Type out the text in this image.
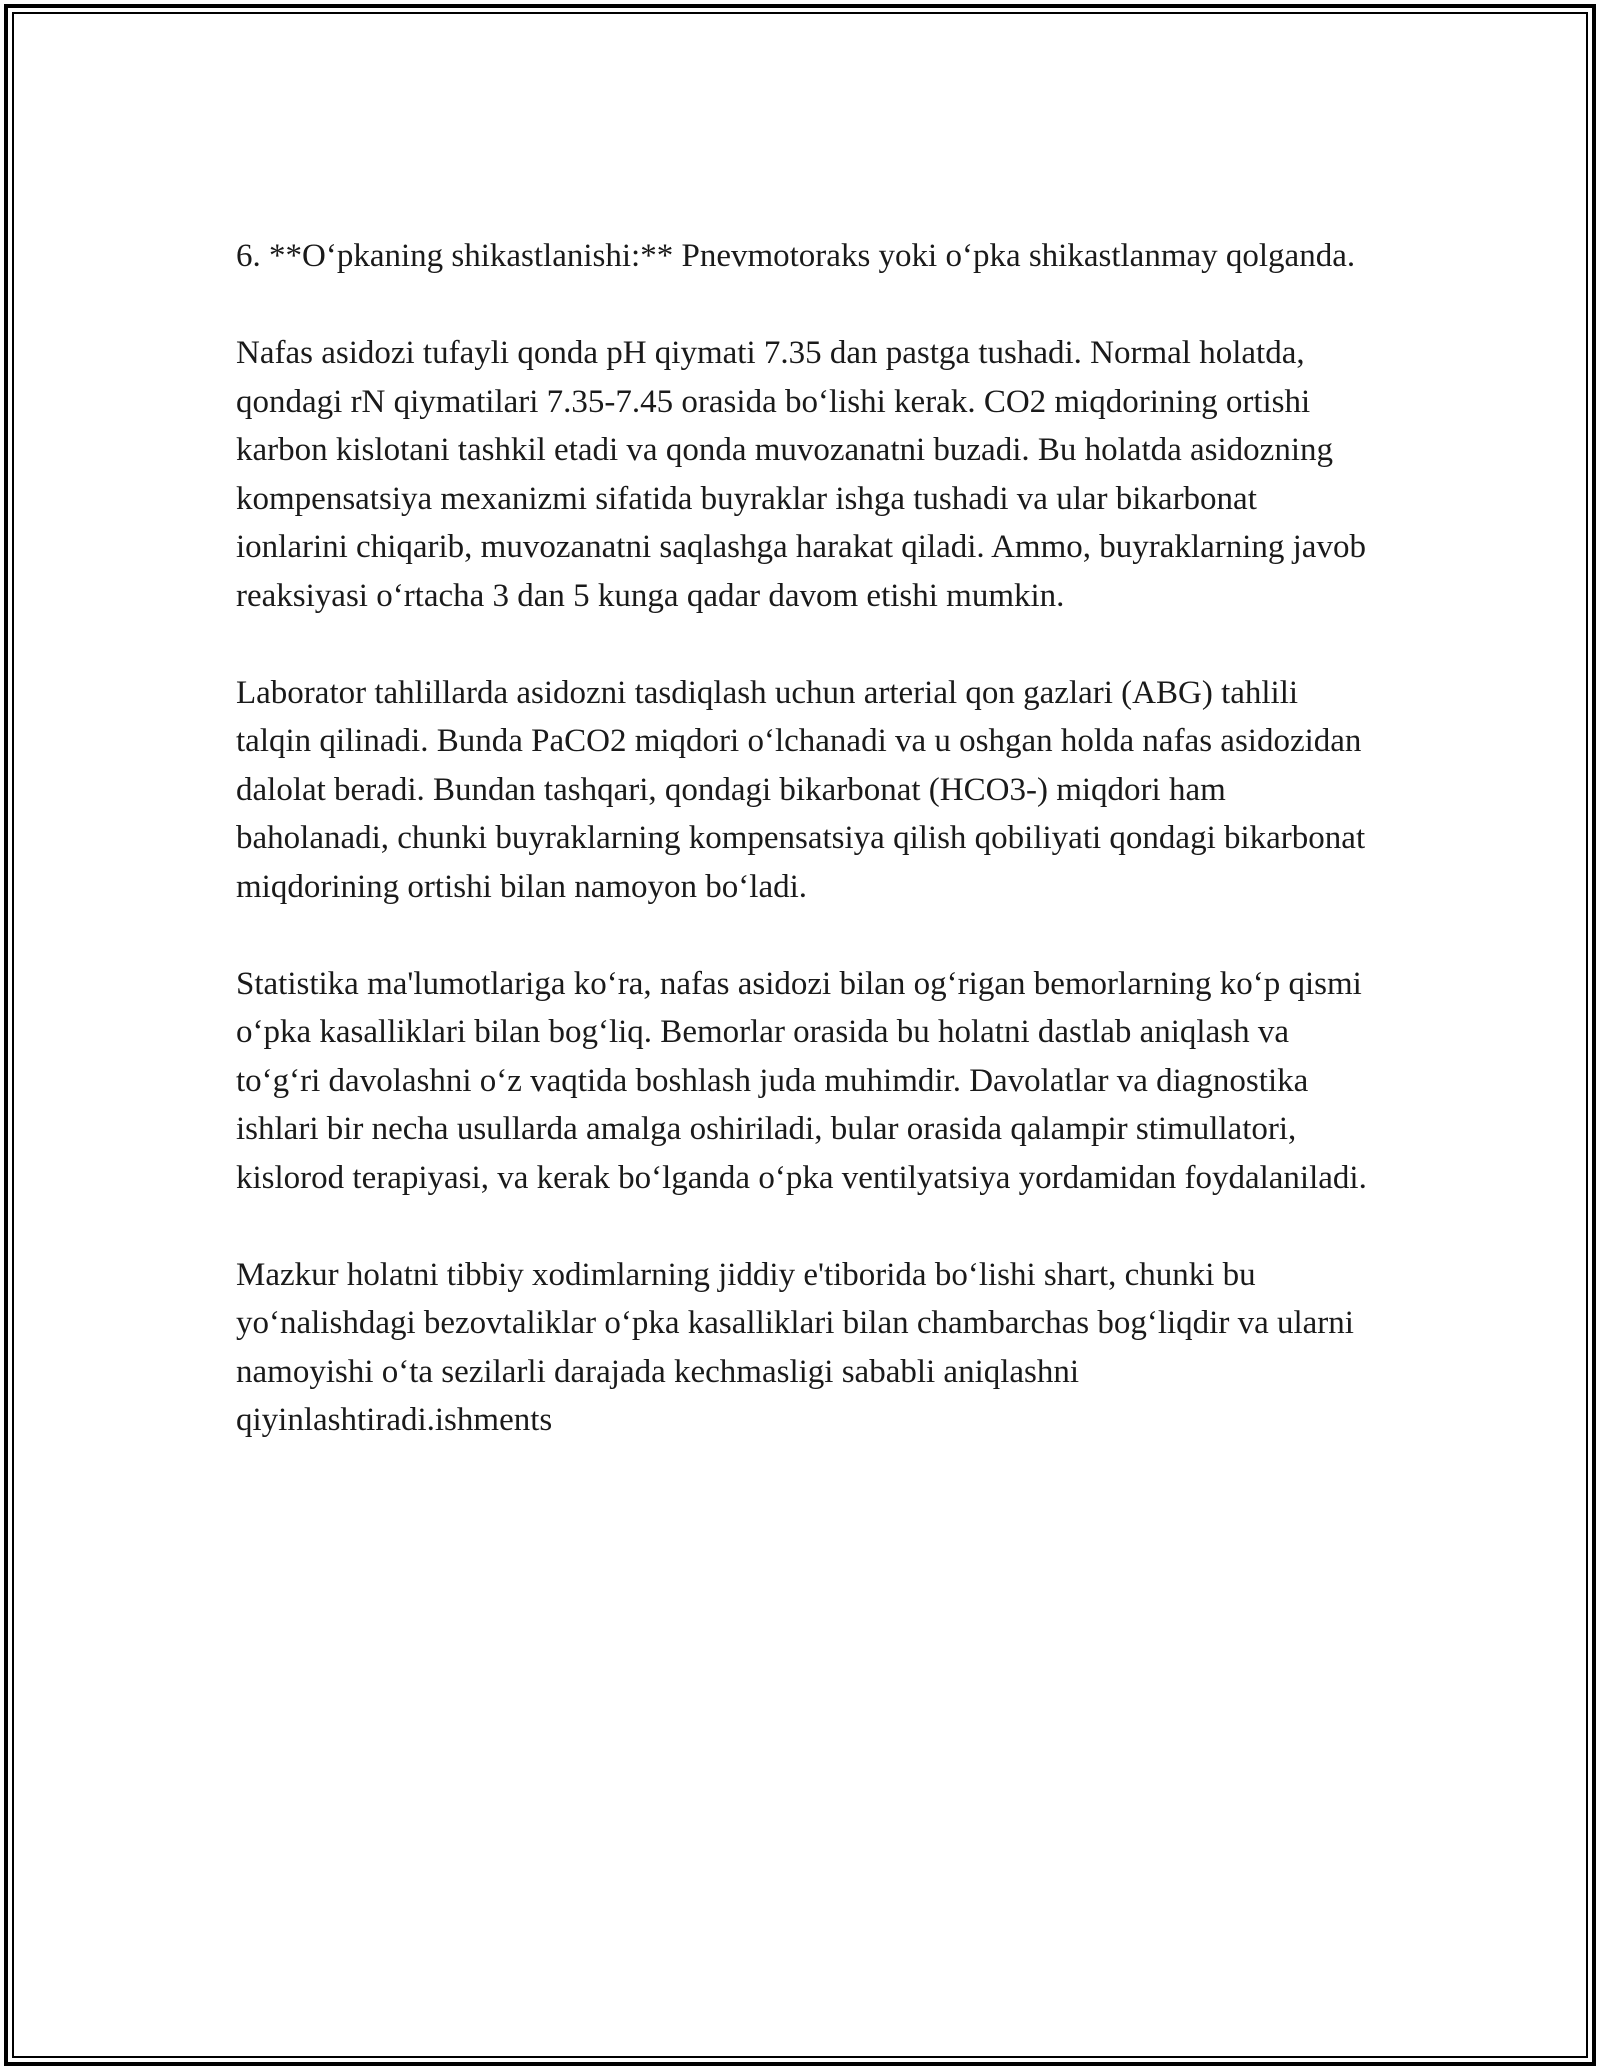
6. **Oʻpkaning shikastlanishi:** Pnevmotoraks yoki oʻpka shikastlanmay qolganda.

Nafas asidozi tufayli qonda pH qiymati 7.35 dan pastga tushadi. Normal holatda, qondagi rN qiymatilari 7.35-7.45 orasida boʻlishi kerak. CO2 miqdorining ortishi karbon kislotani tashkil etadi va qonda muvozanatni buzadi. Bu holatda asidozning kompensatsiya mexanizmi sifatida buyraklar ishga tushadi va ular bikarbonat ionlarini chiqarib, muvozanatni saqlashga harakat qiladi. Ammo, buyraklarning javob reaksiyasi oʻrtacha 3 dan 5 kunga qadar davom etishi mumkin.

Laborator tahlillarda asidozni tasdiqlash uchun arterial qon gazlari (ABG) tahlili talqin qilinadi. Bunda PaCO2 miqdori oʻlchanadi va u oshgan holda nafas asidozidan dalolat beradi. Bundan tashqari, qondagi bikarbonat (HCO3-) miqdori ham baholanadi, chunki buyraklarning kompensatsiya qilish qobiliyati qondagi bikarbonat miqdorining ortishi bilan namoyon boʻladi.

Statistika ma'lumotlariga koʻra, nafas asidozi bilan ogʻrigan bemorlarning koʻp qismi oʻpka kasalliklari bilan bogʻliq. Bemorlar orasida bu holatni dastlab aniqlash va toʻgʻri davolashni oʻz vaqtida boshlash juda muhimdir. Davolatlar va diagnostika ishlari bir necha usullarda amalga oshiriladi, bular orasida qalampir stimullatori, kislorod terapiyasi, va kerak boʻlganda oʻpka ventilyatsiya yordamidan foydalaniladi.

Mazkur holatni tibbiy xodimlarning jiddiy e'tiborida boʻlishi shart, chunki bu yoʻnalishdagi bezovtaliklar oʻpka kasalliklari bilan chambarchas bogʻliqdir va ularni namoyishi oʻta sezilarli darajada kechmasligi sababli aniqlashni qiyinlashtiradi.ishments
